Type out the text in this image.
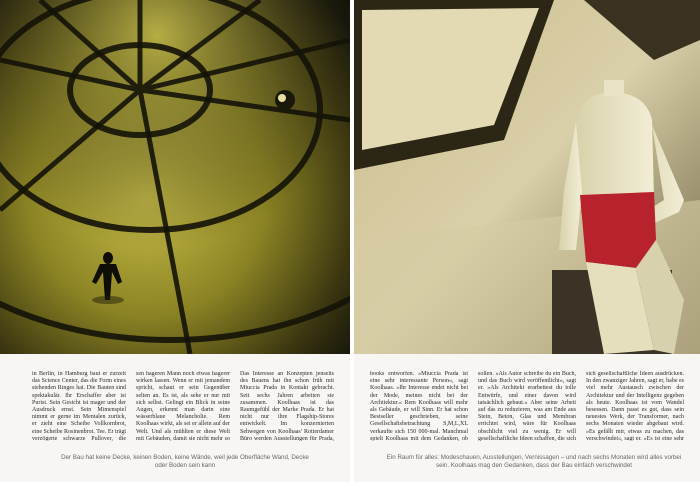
in Berlin, in Hamburg baut er zurzeit das Science Center, das die Form eines stehenden Ringes hat. Die Bauten sind spektakulär. Ihr Erschaffer aber ist Purist. Sein Gesicht ist mager und der Ausdruck ernst. Sein Mimenspiel nimmt er gerne im Mentalen zurück, er zieht eine Scheibe Vollkornbrot, eine Scheibe Rosinenbrot. Tee. Er trägt verzögerte schwarze Pullover, die
sen hageren Mann noch etwas hagerer wirken lassen. Wenn er mit jemandem spricht, schaut er sein Gegenüber selten an. Es ist, als sehe er nur mit sich selbst. Gelingt ein Blick in seine Augen, erkennt man darin eine wässerblaue Melancholie. Rem Koolhaas wirkt, als sei er allein auf der Welt. Und als mühlten er diese Welt mit Gebäuden, damit sie nicht mehr so
Das Interesse an Konzepten jenseits des Bauens hat ihn schon früh mit Miuccia Prada in Kontakt gebracht. Seit sechs Jahren arbeiten sie zusammen. Koolhaas ist das Raumgefühl der Marke Prada. Er hat nicht nur ihre Flagship-Stores entwickelt. Im konzernierten Sehwegen von Koolhaas' Rotterdamer Büro werden Ausstellungen für Prada,
Der Bau hat keine Decke, keinen Boden, keine Wände, weil jede Oberfläche Wand, Decke oder Boden sein kann
books entworfen. »Miuccia Prada ist eine sehr interessante Person«, sagt Koolhaas. »Ihr Interesse endet nicht bei der Mode, meines nicht bei der Architektur.« Rem Koolhaas will mehr als Gebäude, er will Sinn. Er hat schon Bestseller geschrieben, seine Gesellschaftsbetrachtung S,M,L,XL verkaufte sich 150 000-mal. Manchmal spielt Koolhaas mit dem Gedanken, ob
sollen. »Als Autor schreibe du ein Buch, und das Buch wird veröffentlicht«, sagt er. »Als Architekt erarbeitest du tolle Entwürfe, und einer davon wird tatsächlich gebaut.« Aber seine Arbeit auf das zu reduzieren, was am Ende aus Stein, Beton, Glas und Membran errichtet wird, wäre für Koolhaas obschlicht viel zu wenig. Er will gesellschaftliche Ideen schaffen, die sich
sich gesellschaftliche Ideen ausdrücken. In den zwanziger Jahren, sagt er, habe es viel mehr Austausch zwischen der Architektur und der Intelligenz gegeben als heute. Koolhaas ist vom Wandel besessen. Dann passt es gut, dass sein neuestes Werk, der Transformer, nach sechs Monaten wieder abgebaut wird. »Es gefällt mir, etwas zu machen, das verschwindet«, sagt er. »Es ist eine sehr
Ein Raum für alles: Modeschauen, Ausstellungen, Vernissagen – und nach sechs Monaten wird alles vorbei sein. Koolhaas mag den Gedanken, dass der Bau einfach verschwindet
